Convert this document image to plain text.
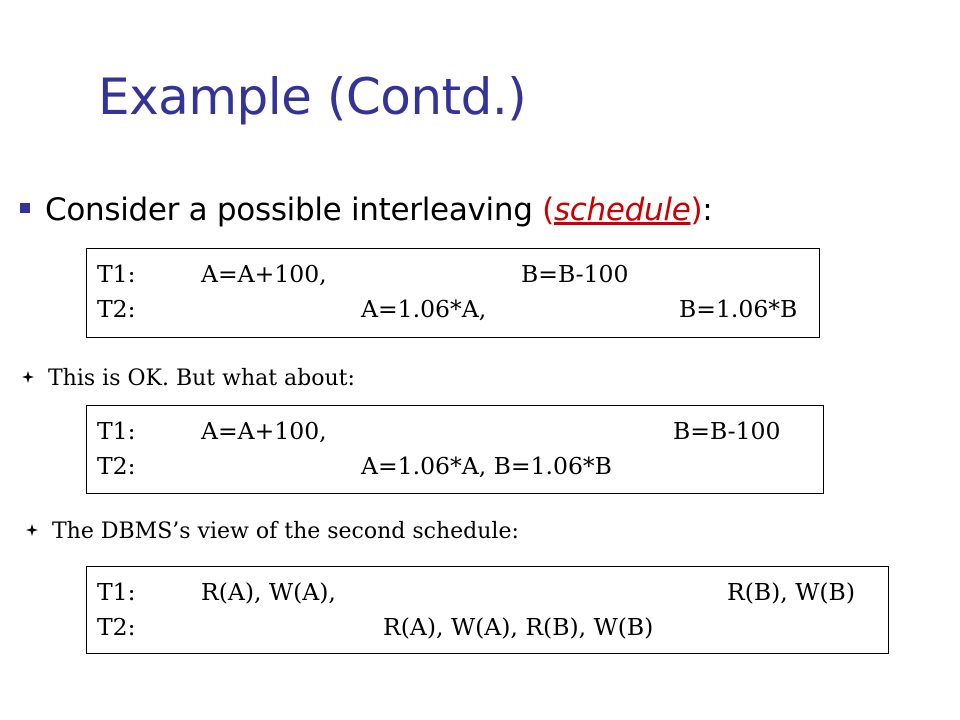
Example (Contd.)
Consider a possible interleaving (schedule):
T1:	A=A+100,	B=B-100
T2:	A=1.06*A,	B=1.06*B
This is OK. But what about:
T1:	A=A+100,	B=B-100
T2:	A=1.06*A, B=1.06*B
The DBMS’s view of the second schedule:
T1:	R(A), W(A),	R(B), W(B)
T2:	R(A), W(A), R(B), W(B)
